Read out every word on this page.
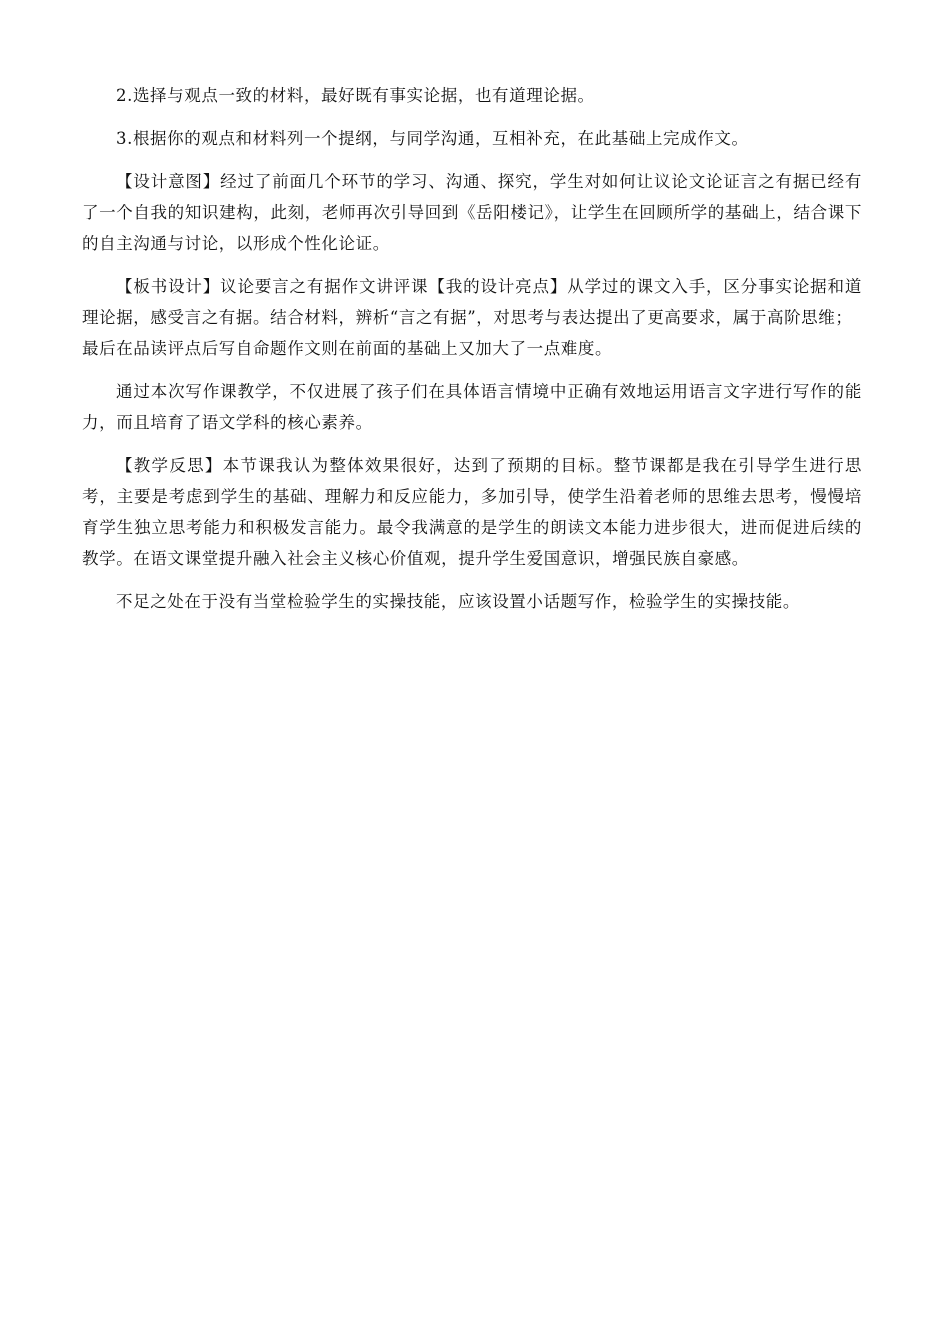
2.选择与观点一致的材料，最好既有事实论据，也有道理论据。

3.根据你的观点和材料列一个提纲，与同学沟通，互相补充，在此基础上完成作文。

【设计意图】经过了前面几个环节的学习、沟通、探究，学生对如何让议论文论证言之有据已经有了一个自我的知识建构，此刻，老师再次引导回到《岳阳楼记》，让学生在回顾所学的基础上，结合课下的自主沟通与讨论，以形成个性化论证。

【板书设计】议论要言之有据作文讲评课【我的设计亮点】从学过的课文入手，区分事实论据和道理论据，感受言之有据。结合材料，辨析“言之有据”，对思考与表达提出了更高要求，属于高阶思维；

最后在品读评点后写自命题作文则在前面的基础上又加大了一点难度。

通过本次写作课教学，不仅进展了孩子们在具体语言情境中正确有效地运用语言文字进行写作的能力，而且培育了语文学科的核心素养。

【教学反思】本节课我认为整体效果很好，达到了预期的目标。整节课都是我在引导学生进行思考，主要是考虑到学生的基础、理解力和反应能力，多加引导，使学生沿着老师的思维去思考，慢慢培育学生独立思考能力和积极发言能力。最令我满意的是学生的朗读文本能力进步很大，进而促进后续的教学。在语文课堂提升融入社会主义核心价值观，提升学生爱国意识，增强民族自豪感。

不足之处在于没有当堂检验学生的实操技能，应该设置小话题写作，检验学生的实操技能。
